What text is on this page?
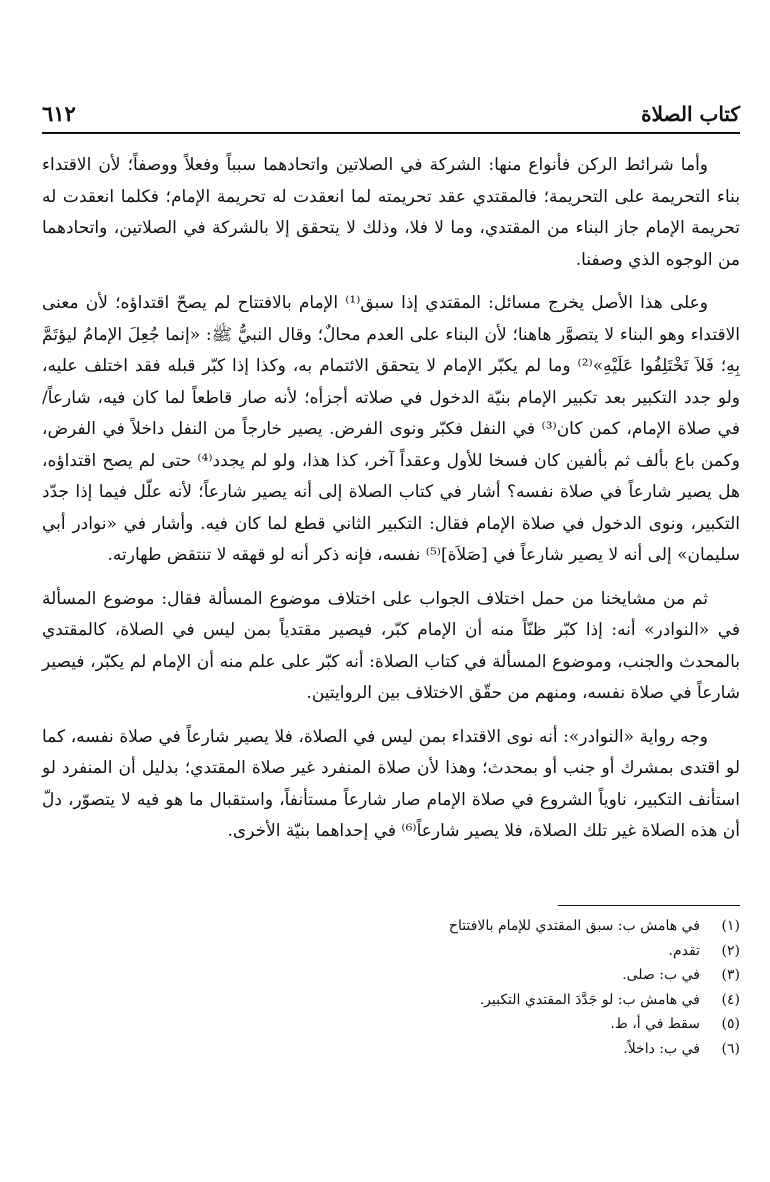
كتاب الصلاة
٦١٢

وأما شرائط الركن فأنواع منها: الشركة في الصلاتين واتحادهما سبباً وفعلاً ووصفاً؛ لأن الاقتداء بناء التحريمة على التحريمة؛ فالمقتدي عقد تحريمته لما انعقدت له تحريمة الإمام؛ فكلما انعقدت له تحريمة الإمام جاز البناء من المقتدي، وما لا فلا، وذلك لا يتحقق إلا بالشركة في الصلاتين، واتحادهما من الوجوه الذي وصفنا.

وعلى هذا الأصل يخرج مسائل: المقتدي إذا سبق⁽¹⁾ الإمام بالافتتاح لم يصحّ اقتداؤه؛ لأن معنى الاقتداء وهو البناء لا يتصوَّر هاهنا؛ لأن البناء على العدم محالٌ؛ وقال النبيُّ ﷺ: «إنما جُعِلَ الإمامُ ليؤتَمَّ بِهِ؛ فَلاَ تَخْتَلِفُوا عَلَيْهِ»⁽²⁾ وما لم يكبّر الإمام لا يتحقق الائتمام به، وكذا إذا كبّر قبله فقد اختلف عليه، ولو جدد التكبير بعد تكبير الإمام بنيّة الدخول في صلاته أجزأه؛ لأنه صار قاطعاً لما كان فيه، شارعاً/ في صلاة الإمام، كمن كان⁽³⁾ في النفل فكبّر ونوى الفرض. يصير خارجاً من النفل داخلاً في الفرض، وكمن باع بألف ثم بألفين كان فسخا للأول وعقداً آخر، كذا هذا، ولو لم يجدد⁽⁴⁾ حتى لم يصح اقتداؤه، هل يصير شارعاً في صلاة نفسه؟ أشار في كتاب الصلاة إلى أنه يصير شارعاً؛ لأنه علّل فيما إذا جدّد التكبير، ونوى الدخول في صلاة الإمام فقال: التكبير الثاني قطع لما كان فيه. وأشار في «نوادر أبي سليمان» إلى أنه لا يصير شارعاً في [صَلاَة]⁽⁵⁾ نفسه، فإنه ذكر أنه لو قهقه لا تنتقض طهارته.

ثم من مشايخنا من حمل اختلاف الجواب على اختلاف موضوع المسألة فقال: موضوع المسألة في «النوادر» أنه: إذا كبّر ظنّاً منه أن الإمام كبّر، فيصير مقتدياً بمن ليس في الصلاة، كالمقتدي بالمحدث والجنب، وموضوع المسألة في كتاب الصلاة: أنه كبّر على علم منه أن الإمام لم يكبّر، فيصير شارعاً في صلاة نفسه، ومنهم من حقّق الاختلاف بين الروايتين.

وجه رواية «النوادر»: أنه نوى الاقتداء بمن ليس في الصلاة، فلا يصير شارعاً في صلاة نفسه، كما لو اقتدى بمشرك أو جنب أو بمحدث؛ وهذا لأن صلاة المنفرد غير صلاة المقتدي؛ بدليل أن المنفرد لو استأنف التكبير، ناوياً الشروع في صلاة الإمام صار شارعاً مستأنفاً، واستقبال ما هو فيه لا يتصوّر، دلّ أن هذه الصلاة غير تلك الصلاة، فلا يصير شارعاً⁽⁶⁾ في إحداهما بنيّة الأخرى.

(١)
في هامش ب: سبق المقتدي للإمام بالافتتاح
(٢)
تقدم.
(٣)
في ب: صلى.
(٤)
في هامش ب: لو جَدَّدَ المقتدي التكبير.
(٥)
سقط في أ، ط.
(٦)
في ب: داخلاً.
